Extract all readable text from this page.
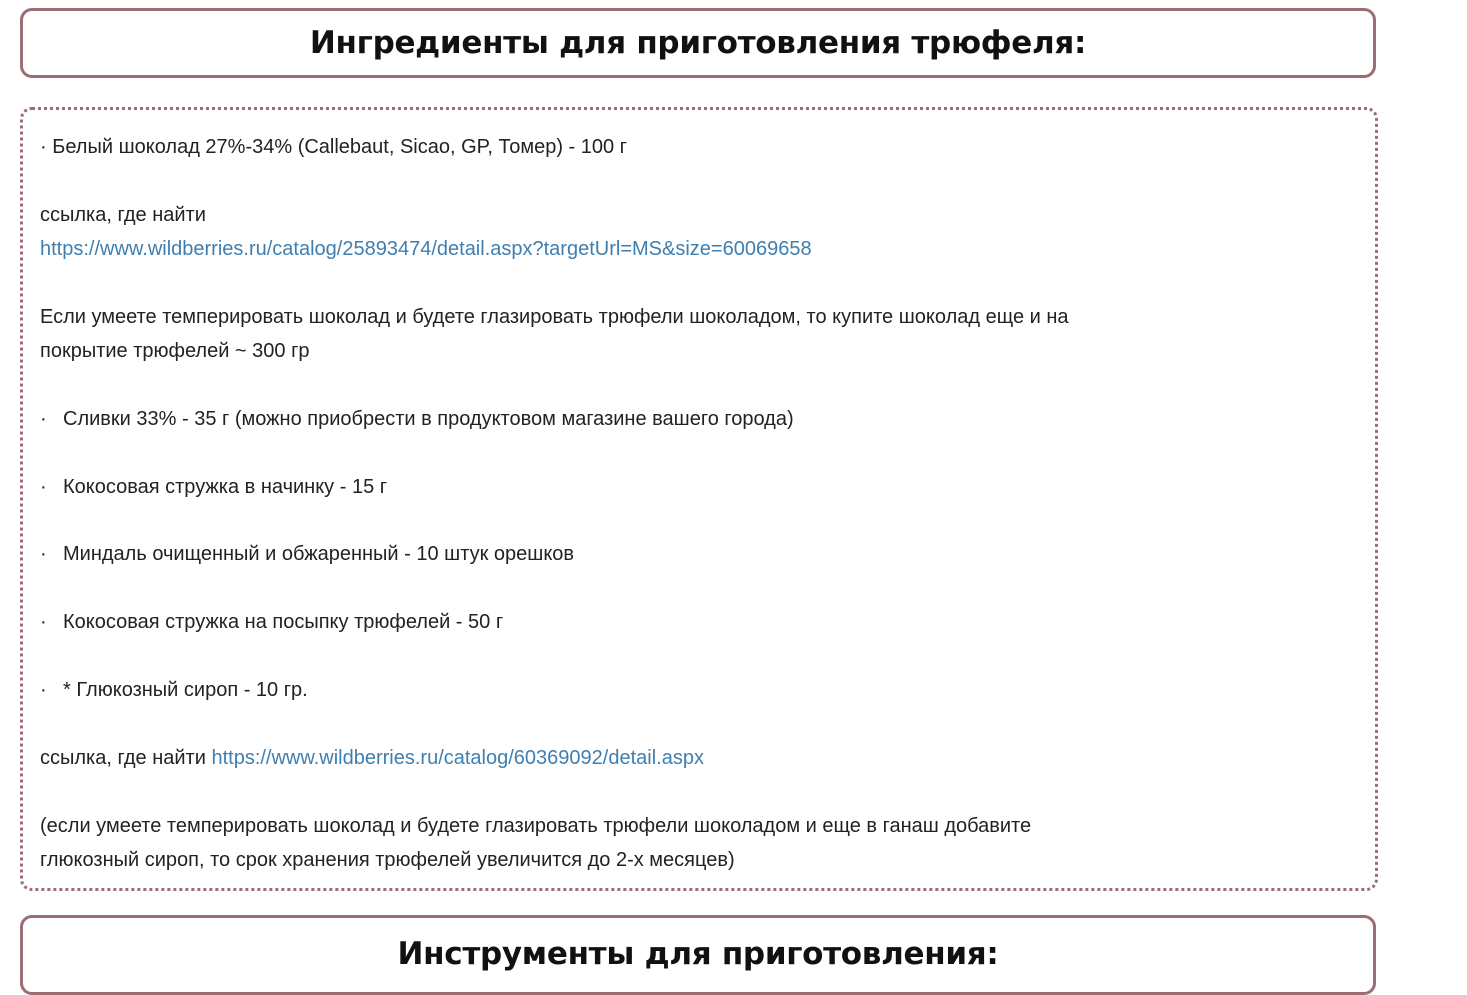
Ингредиенты для приготовления трюфеля:
· Белый шоколад 27%-34% (Callebaut, Sicao, GP, Томер) - 100 г
ссылка, где найти
https://www.wildberries.ru/catalog/25893474/detail.aspx?targetUrl=MS&size=60069658
Если умеете темперировать шоколад и будете глазировать трюфели шоколадом, то купите шоколад еще и на
покрытие трюфелей ~ 300 гр
· Сливки 33% - 35 г (можно приобрести в продуктовом магазине вашего города)
· Кокосовая стружка в начинку - 15 г
· Миндаль очищенный и обжаренный - 10 штук орешков
· Кокосовая стружка на посыпку трюфелей - 50 г
· * Глюкозный сироп - 10 гр.
ссылка, где найти https://www.wildberries.ru/catalog/60369092/detail.aspx
(если умеете темперировать шоколад и будете глазировать трюфели шоколадом и еще в ганаш добавите
глюкозный сироп, то срок хранения трюфелей увеличится до 2-х месяцев)
Инструменты для приготовления:
